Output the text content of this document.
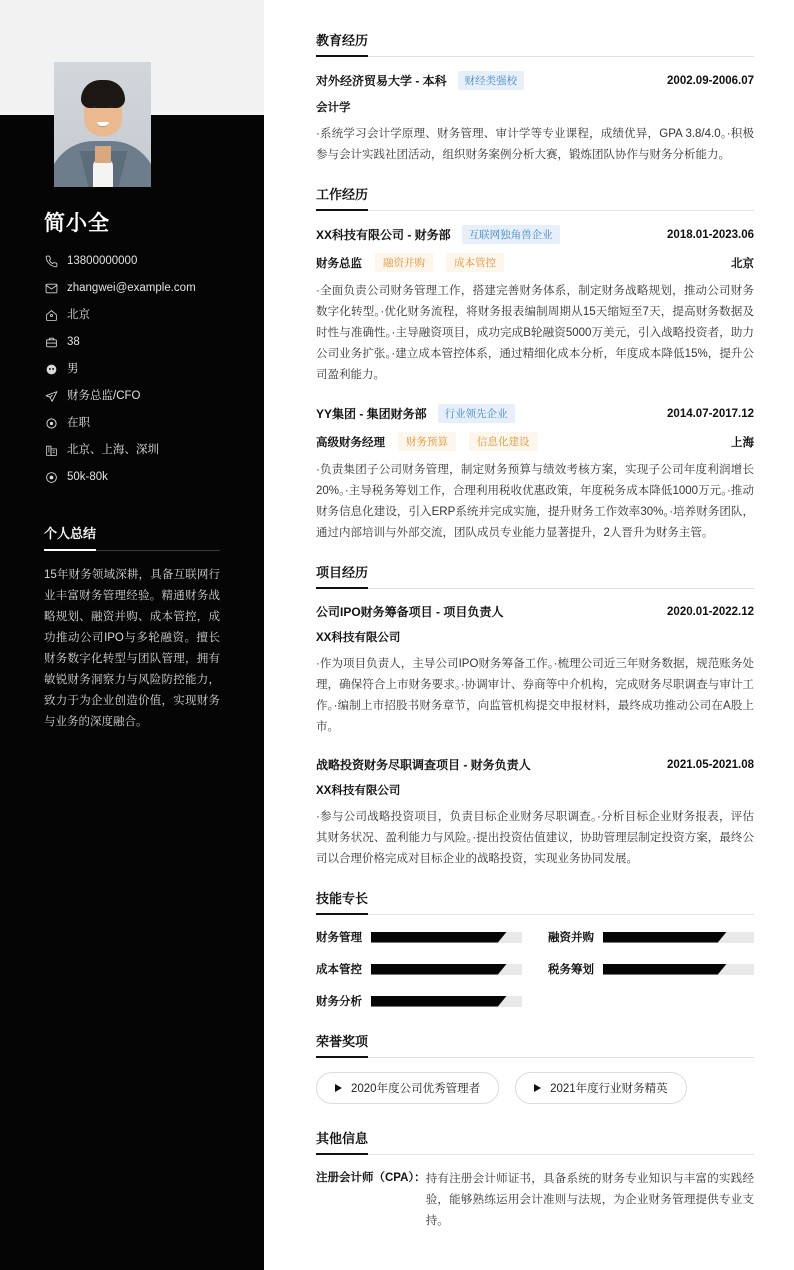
简小全
13800000000
zhangwei@example.com
北京
38
男
财务总监/CFO
在职
北京、上海、深圳
50k-80k
个人总结
15年财务领域深耕，具备互联网行业丰富财务管理经验。精通财务战略规划、融资并购、成本管控，成功推动公司IPO与多轮融资。擅长财务数字化转型与团队管理，拥有敏锐财务洞察力与风险防控能力，致力于为企业创造价值，实现财务与业务的深度融合。
教育经历
对外经济贸易大学 - 本科	财经类强校	2002.09-2006.07
会计学
·系统学习会计学原理、财务管理、审计学等专业课程，成绩优异，GPA 3.8/4.0。·积极参与会计实践社团活动，组织财务案例分析大赛，锻炼团队协作与财务分析能力。
工作经历
XX科技有限公司 - 财务部	互联网独角兽企业	2018.01-2023.06
财务总监	融资并购	成本管控	北京
·全面负责公司财务管理工作，搭建完善财务体系，制定财务战略规划，推动公司财务数字化转型。·优化财务流程，将财务报表编制周期从15天缩短至7天，提高财务数据及时性与准确性。·主导融资项目，成功完成B轮融资5000万美元，引入战略投资者，助力公司业务扩张。·建立成本管控体系，通过精细化成本分析，年度成本降低15%，提升公司盈利能力。
YY集团 - 集团财务部	行业领先企业	2014.07-2017.12
高级财务经理	财务预算	信息化建设	上海
·负责集团子公司财务管理，制定财务预算与绩效考核方案，实现子公司年度利润增长20%。·主导税务筹划工作，合理利用税收优惠政策，年度税务成本降低1000万元。·推动财务信息化建设，引入ERP系统并完成实施，提升财务工作效率30%。·培养财务团队，通过内部培训与外部交流，团队成员专业能力显著提升，2人晋升为财务主管。
项目经历
公司IPO财务筹备项目 - 项目负责人	2020.01-2022.12
XX科技有限公司
·作为项目负责人，主导公司IPO财务筹备工作。·梳理公司近三年财务数据，规范账务处理，确保符合上市财务要求。·协调审计、券商等中介机构，完成财务尽职调查与审计工作。·编制上市招股书财务章节，向监管机构提交申报材料，最终成功推动公司在A股上市。
战略投资财务尽职调查项目 - 财务负责人	2021.05-2021.08
XX科技有限公司
·参与公司战略投资项目，负责目标企业财务尽职调查。·分析目标企业财务报表，评估其财务状况、盈利能力与风险。·提出投资估值建议，协助管理层制定投资方案，最终公司以合理价格完成对目标企业的战略投资，实现业务协同发展。
技能专长
财务管理	融资并购
成本管控	税务筹划
财务分析
荣誉奖项
2020年度公司优秀管理者	2021年度行业财务精英
其他信息
注册会计师（CPA）： 持有注册会计师证书，具备系统的财务专业知识与丰富的实践经验，能够熟练运用会计准则与法规，为企业财务管理提供专业支持。
